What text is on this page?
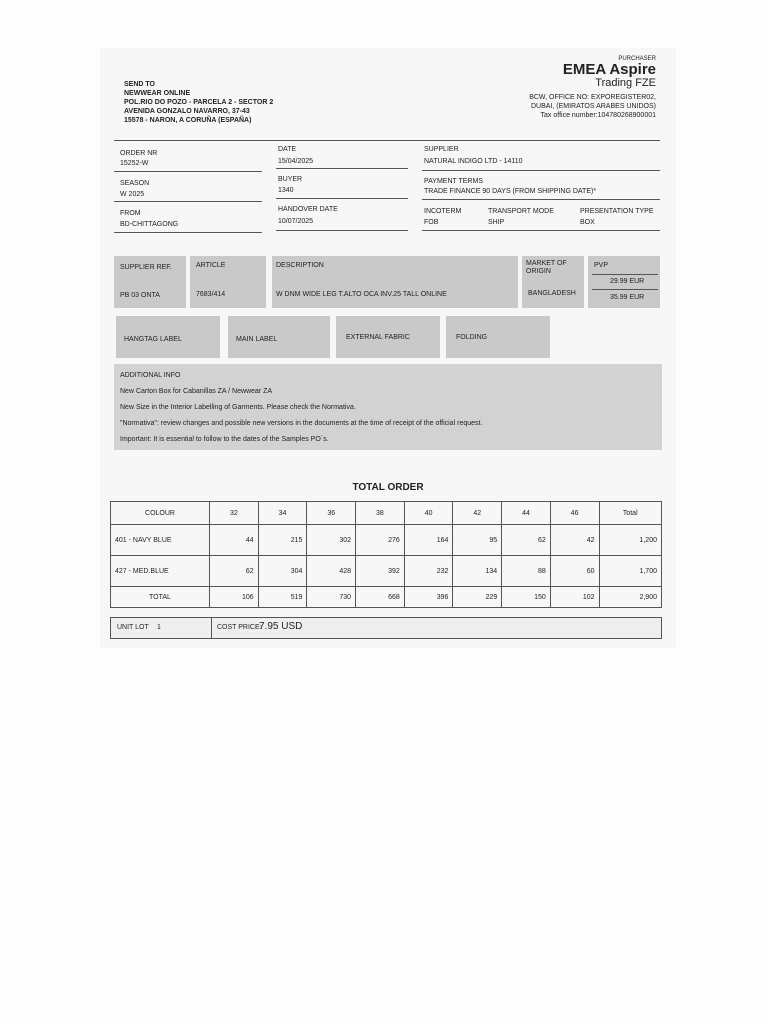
PURCHASER
EMEA Aspire
Trading FZE
BCW, OFFICE NO: EXPOREGISTER02,
DUBAI, (EMIRATOS ARABES UNIDOS)
Tax office number:104780268900001
SEND TO
NEWWEAR ONLINE
POL.RIO DO POZO - PARCELA 2 - SECTOR 2
AVENIDA GONZALO NAVARRO, 37-43
15578 - NARON, A CORUÑA (ESPAÑA)
ORDER NR
15252-W
DATE
15/04/2025
SUPPLIER
NATURAL INDIGO LTD - 14110
SEASON
W 2025
BUYER
1340
PAYMENT TERMS
TRADE FINANCE 90 DAYS (FROM SHIPPING DATE)*
FROM
BD-CHITTAGONG
HANDOVER DATE
10/07/2025
INCOTERM
FOB
TRANSPORT MODE
SHIP
PRESENTATION TYPE
BOX
SUPPLIER REF.
PB 03 ONTA
ARTICLE
7683/414
DESCRIPTION
W DNM WIDE LEG T.ALTO OCA INV.25 TALL ONLINE
MARKET OF ORIGIN
BANGLADESH
PVP
29.99 EUR
35.99 EUR
HANGTAG LABEL	MAIN LABEL	EXTERNAL FABRIC	FOLDING
ADDITIONAL INFO
New Carton Box for Cabanillas ZA / Newwear ZA
New Size in the Interior Labelling of Garments. Please check the Normativa.
"Normativa": review changes and possible new versions in the documents at the time of receipt of the official request.
Important: It is essential to follow to the dates of the Samples PO´s.
TOTAL ORDER
COLOUR	32	34	36	38	40	42	44	46	Total
401 - NAVY BLUE	44	215	302	276	164	95	62	42	1,200
427 - MED.BLUE	62	304	428	392	232	134	88	60	1,700
TOTAL	106	519	730	668	396	229	150	102	2,900
UNIT LOT 1	COST PRICE:
7.95 USD
